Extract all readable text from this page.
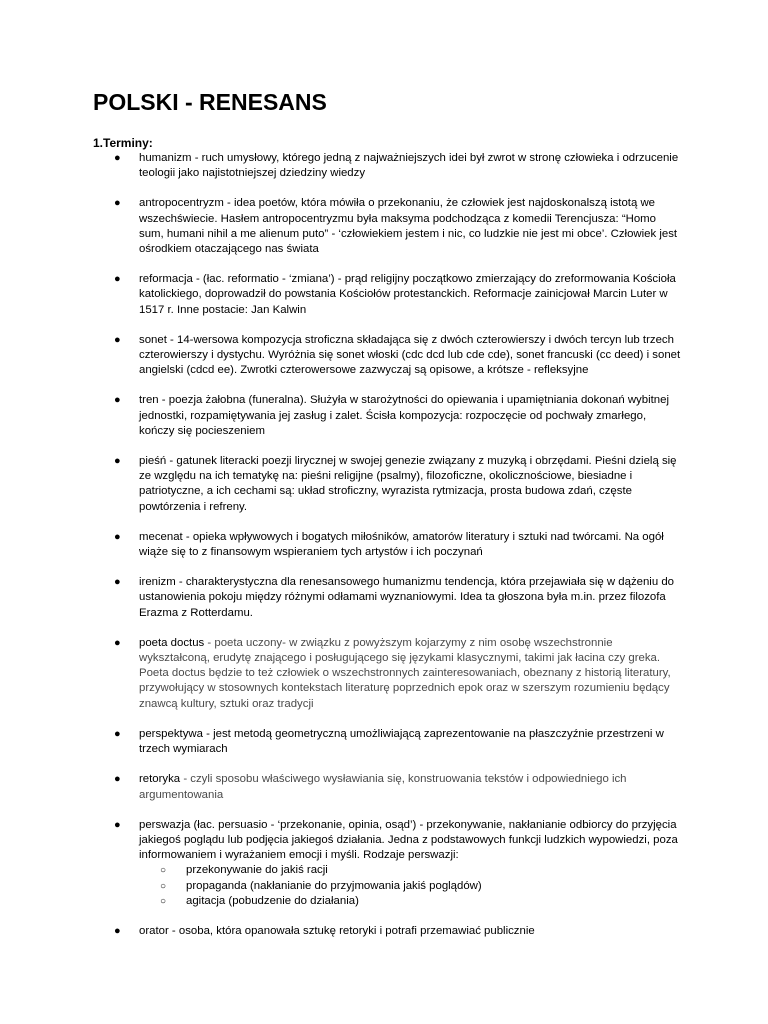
POLSKI - RENESANS

1.Terminy:

● humanizm - ruch umysłowy, którego jedną z najważniejszych idei był zwrot w stronę człowieka i odrzucenie teologii jako najistotniejszej dziedziny wiedzy
● antropocentryzm - idea poetów, która mówiła o przekonaniu, że człowiek jest najdoskonalszą istotą we wszechświecie. Hasłem antropocentryzmu była maksyma podchodząca z komedii Terencjusza: “Homo sum, humani nihil a me alienum puto” - ‘człowiekiem jestem i nic, co ludzkie nie jest mi obce’. Człowiek jest ośrodkiem otaczającego nas świata
● reformacja - (łac. reformatio - ‘zmiana’) - prąd religijny początkowo zmierzający do zreformowania Kościoła katolickiego, doprowadził do powstania Kościołów protestanckich. Reformacje zainicjował Marcin Luter w 1517 r. Inne postacie: Jan Kalwin
● sonet - 14-wersowa kompozycja stroficzna składająca się z dwóch czterowierszy i dwóch tercyn lub trzech czterowierszy i dystychu. Wyróżnia się sonet włoski (cdc dcd lub cde cde), sonet francuski (cc deed) i sonet angielski (cdcd ee). Zwrotki czterowersowe zazwyczaj są opisowe, a krótsze - refleksyjne
● tren - poezja żałobna (funeralna). Służyła w starożytności do opiewania i upamiętniania dokonań wybitnej jednostki, rozpamiętywania jej zasług i zalet. Ścisła kompozycja: rozpoczęcie od pochwały zmarłego, kończy się pocieszeniem
● pieśń - gatunek literacki poezji lirycznej w swojej genezie związany z muzyką i obrzędami. Pieśni dzielą się ze względu na ich tematykę na: pieśni religijne (psalmy), filozoficzne, okolicznościowe, biesiadne i patriotyczne, a ich cechami są: układ stroficzny, wyrazista rytmizacja, prosta budowa zdań, częste powtórzenia i refreny.
● mecenat - opieka wpływowych i bogatych miłośników, amatorów literatury i sztuki nad twórcami. Na ogół wiąże się to z finansowym wspieraniem tych artystów i ich poczynań
● irenizm - charakterystyczna dla renesansowego humanizmu tendencja, która przejawiała się w dążeniu do ustanowienia pokoju między różnymi odłamami wyznaniowymi. Idea ta głoszona była m.in. przez filozofa Erazma z Rotterdamu.
● poeta doctus - poeta uczony- w związku z powyższym kojarzymy z nim osobę wszechstronnie wykształconą, erudytę znającego i posługującego się językami klasycznymi, takimi jak łacina czy greka. Poeta doctus będzie to też człowiek o wszechstronnych zainteresowaniach, obeznany z historią literatury, przywołujący w stosownych kontekstach literaturę poprzednich epok oraz w szerszym rozumieniu będący znawcą kultury, sztuki oraz tradycji
● perspektywa - jest metodą geometryczną umożliwiającą zaprezentowanie na płaszczyźnie przestrzeni w trzech wymiarach
● retoryka - czyli sposobu właściwego wysławiania się, konstruowania tekstów i odpowiedniego ich argumentowania
● perswazja (łac. persuasio - ‘przekonanie, opinia, osąd’) - przekonywanie, nakłanianie odbiorcy do przyjęcia jakiegoś poglądu lub podjęcia jakiegoś działania. Jedna z podstawowych funkcji ludzkich wypowiedzi, poza informowaniem i wyrażaniem emocji i myśli. Rodzaje perswazji:
○ przekonywanie do jakiś racji
○ propaganda (nakłanianie do przyjmowania jakiś poglądów)
○ agitacja (pobudzenie do działania)
● orator - osoba, która opanowała sztukę retoryki i potrafi przemawiać publicznie
